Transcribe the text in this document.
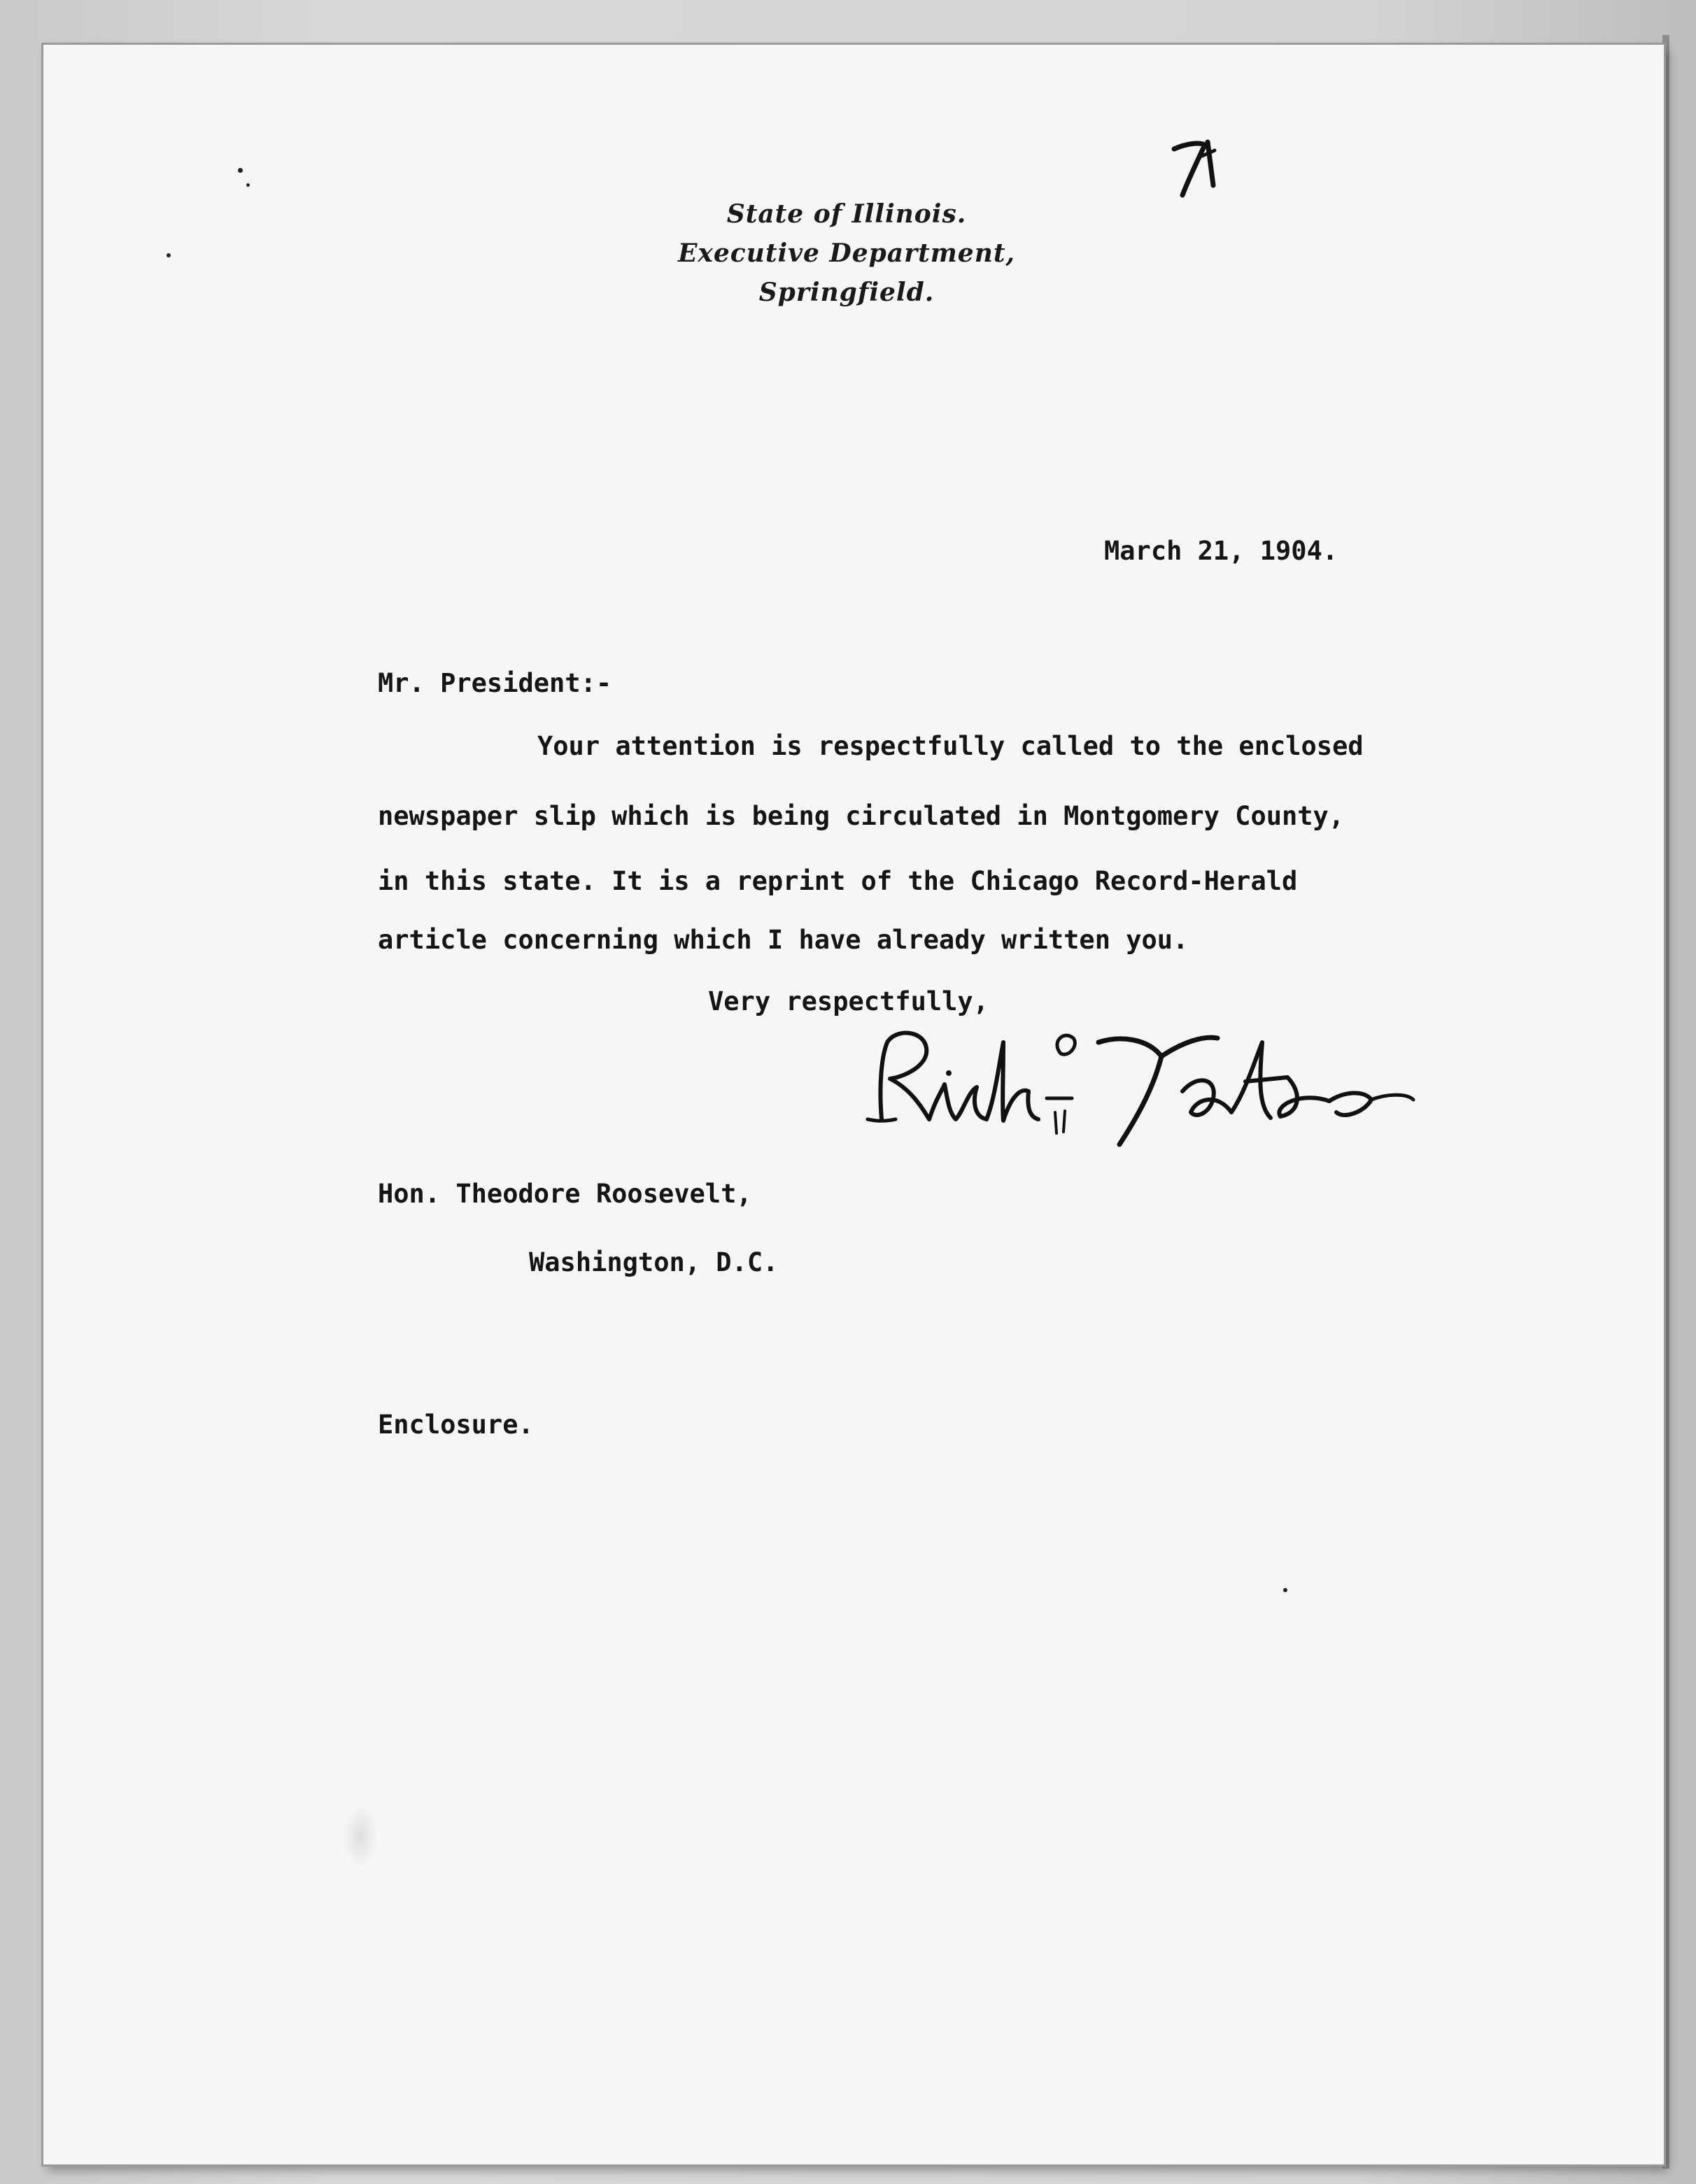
State of Illinois.
Executive Department,
Springfield.
March 21, 1904.
Mr. President:-
Your attention is respectfully called to the enclosed
newspaper slip which is being circulated in Montgomery County,
in this state. It is a reprint of the Chicago Record-Herald
article concerning which I have already written you.
Very respectfully,
Hon. Theodore Roosevelt,
Washington, D.C.
Enclosure.
